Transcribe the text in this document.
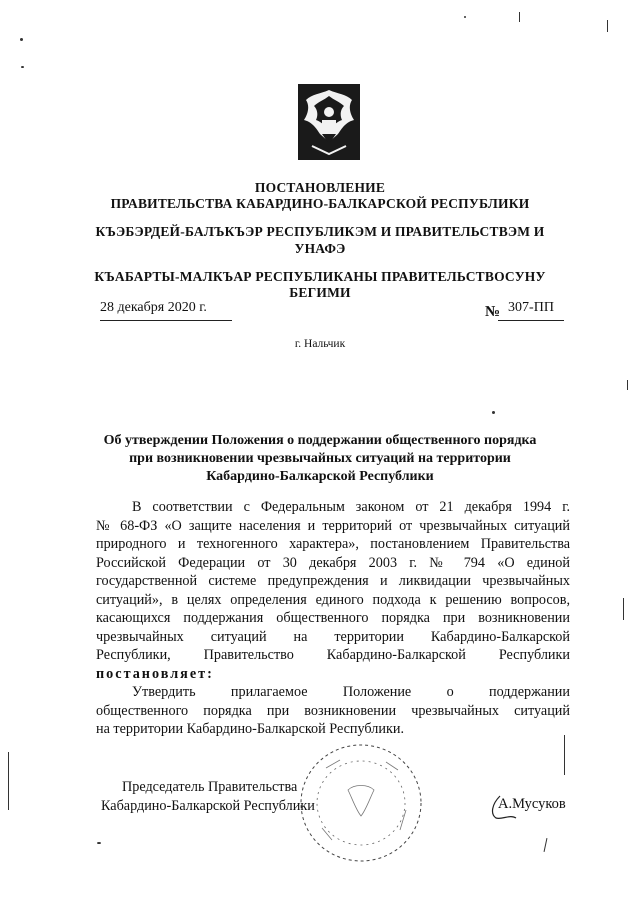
ПОСТАНОВЛЕНИЕ
ПРАВИТЕЛЬСТВА КАБАРДИНО-БАЛКАРСКОЙ РЕСПУБЛИКИ
КЪЭБЭРДЕЙ-БАЛЪКЪЭР РЕСПУБЛИКЭМ И ПРАВИТЕЛЬСТВЭМ И
УНАФЭ
КЪАБАРТЫ-МАЛКЪАР РЕСПУБЛИКАНЫ ПРАВИТЕЛЬСТВОСУНУ
БЕГИМИ
28 декабря 2020 г.	№ 307-ПП
г. Нальчик
Об утверждении Положения о поддержании общественного порядка
при возникновении чрезвычайных ситуаций на территории
Кабардино-Балкарской Республики

В соответствии с Федеральным законом от 21 декабря 1994 г.

№ 68-ФЗ «О защите населения и территорий от чрезвычайных ситуаций

природного и техногенного характера», постановлением Правительства

Российской Федерации от 30 декабря 2003 г. № 794 «О единой

государственной системе предупреждения и ликвидации чрезвычайных

ситуаций», в целях определения единого подхода к решению вопросов,

касающихся поддержания общественного порядка при возникновении

чрезвычайных ситуаций на территории Кабардино-Балкарской

Республики, Правительство Кабардино-Балкарской Республики

постановляет:

Утвердить прилагаемое Положение о поддержании

общественного порядка при возникновении чрезвычайных ситуаций

на территории Кабардино-Балкарской Республики.

Председатель Правительства
Кабардино-Балкарской Республики	А.Мусуков
